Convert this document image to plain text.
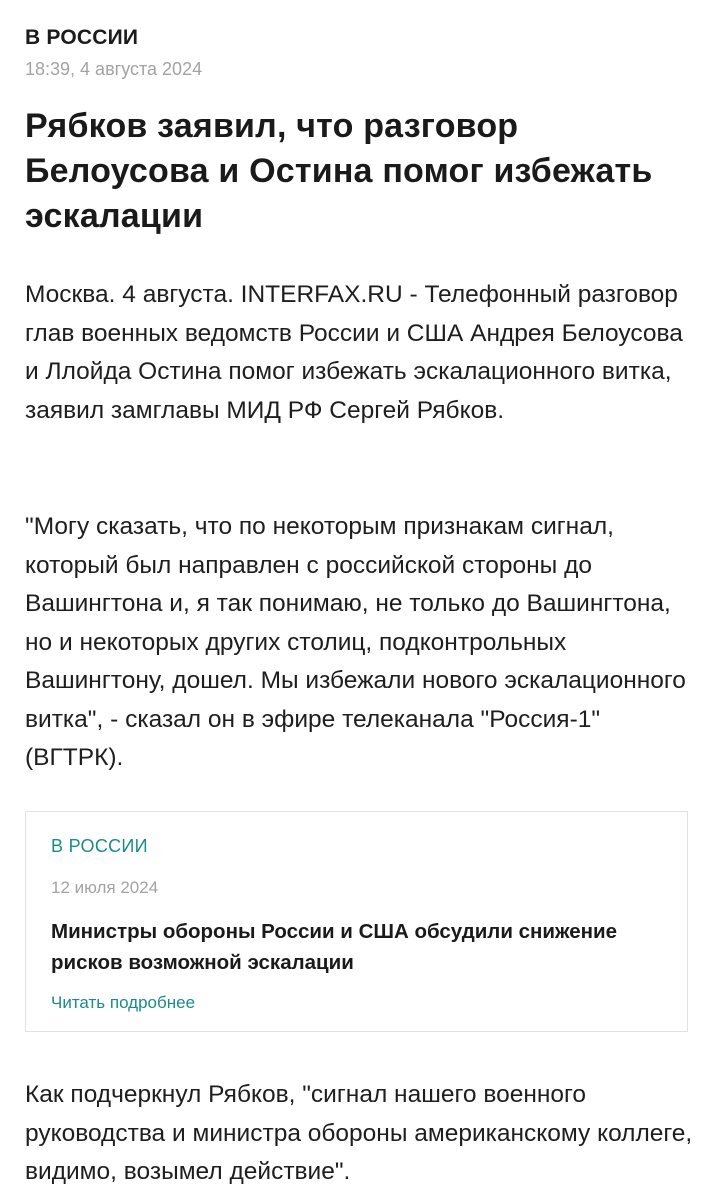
В РОССИИ
18:39, 4 августа 2024
Рябков заявил, что разговор Белоусова и Остина помог избежать эскалации

Москва. 4 августа. INTERFAX.RU - Телефонный разговор глав военных ведомств России и США Андрея Белоусова и Ллойда Остина помог избежать эскалационного витка, заявил замглавы МИД РФ Сергей Рябков.

"Могу сказать, что по некоторым признакам сигнал, который был направлен с российской стороны до Вашингтона и, я так понимаю, не только до Вашингтона, но и некоторых других столиц, подконтрольных Вашингтону, дошел. Мы избежали нового эскалационного витка", - сказал он в эфире телеканала "Россия-1" (ВГТРК).

В РОССИИ
12 июля 2024
Министры обороны России и США обсудили снижение рисков возможной эскалации
Читать подробнее

Как подчеркнул Рябков, "сигнал нашего военного руководства и министра обороны американскому коллеге, видимо, возымел действие".
